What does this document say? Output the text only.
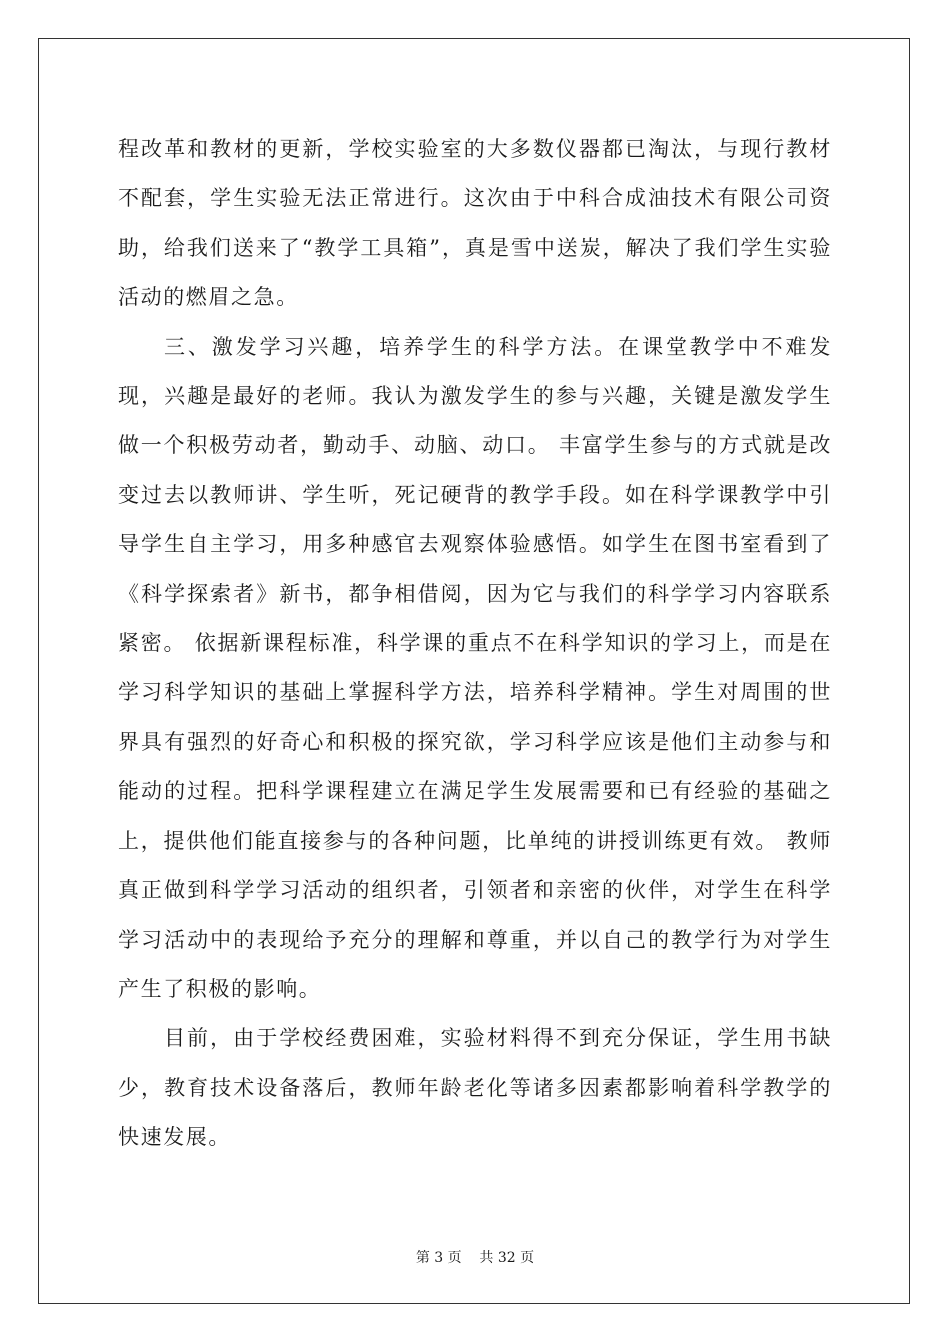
程改革和教材的更新，学校实验室的大多数仪器都已淘汰，与现行教材不配套，学生实验无法正常进行。这次由于中科合成油技术有限公司资助，给我们送来了“教学工具箱”，真是雪中送炭，解决了我们学生实验活动的燃眉之急。

三、激发学习兴趣，培养学生的科学方法。在课堂教学中不难发现，兴趣是最好的老师。我认为激发学生的参与兴趣，关键是激发学生做一个积极劳动者，勤动手、动脑、动口。 丰富学生参与的方式就是改变过去以教师讲、学生听，死记硬背的教学手段。如在科学课教学中引导学生自主学习，用多种感官去观察体验感悟。如学生在图书室看到了《科学探索者》新书，都争相借阅，因为它与我们的科学学习内容联系紧密。 依据新课程标准，科学课的重点不在科学知识的学习上，而是在学习科学知识的基础上掌握科学方法，培养科学精神。学生对周围的世界具有强烈的好奇心和积极的探究欲，学习科学应该是他们主动参与和能动的过程。把科学课程建立在满足学生发展需要和已有经验的基础之上，提供他们能直接参与的各种问题，比单纯的讲授训练更有效。 教师真正做到科学学习活动的组织者，引领者和亲密的伙伴，对学生在科学学习活动中的表现给予充分的理解和尊重，并以自己的教学行为对学生产生了积极的影响。

目前，由于学校经费困难，实验材料得不到充分保证，学生用书缺少，教育技术设备落后，教师年龄老化等诸多因素都影响着科学教学的快速发展。

第 3 页    共 32 页
